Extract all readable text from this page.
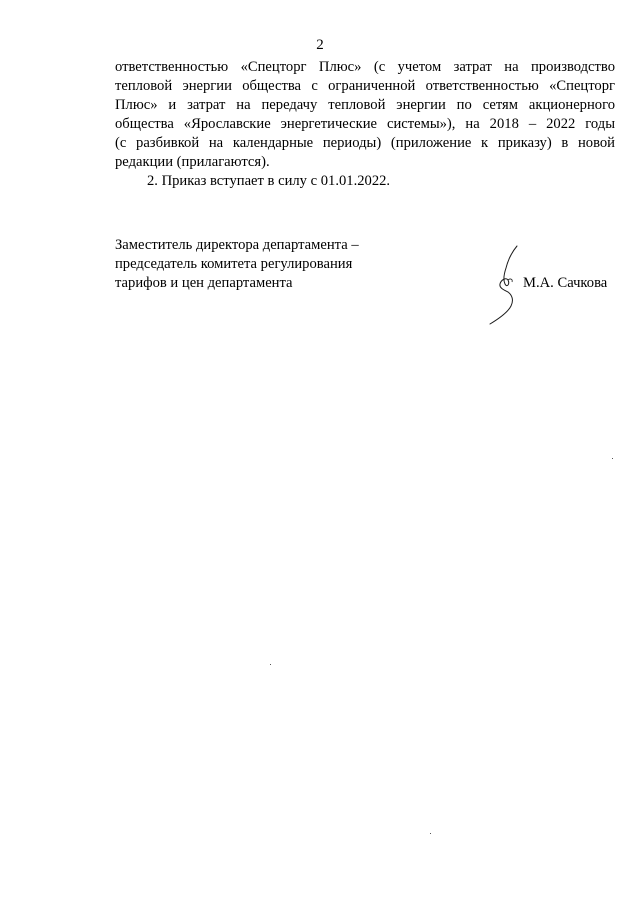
2

ответственностью «Спецторг Плюс» (с учетом затрат на производство
тепловой энергии общества с ограниченной ответственностью «Спецторг
Плюс» и затрат на передачу тепловой энергии по сетям акционерного
общества «Ярославские энергетические системы»), на 2018 – 2022 годы
(с разбивкой на календарные периоды) (приложение к приказу) в новой
редакции (прилагаются).

2. Приказ вступает в силу с 01.01.2022.

Заместитель директора департамента –
председатель комитета регулирования
тарифов и цен департамента	М.А. Сачкова
